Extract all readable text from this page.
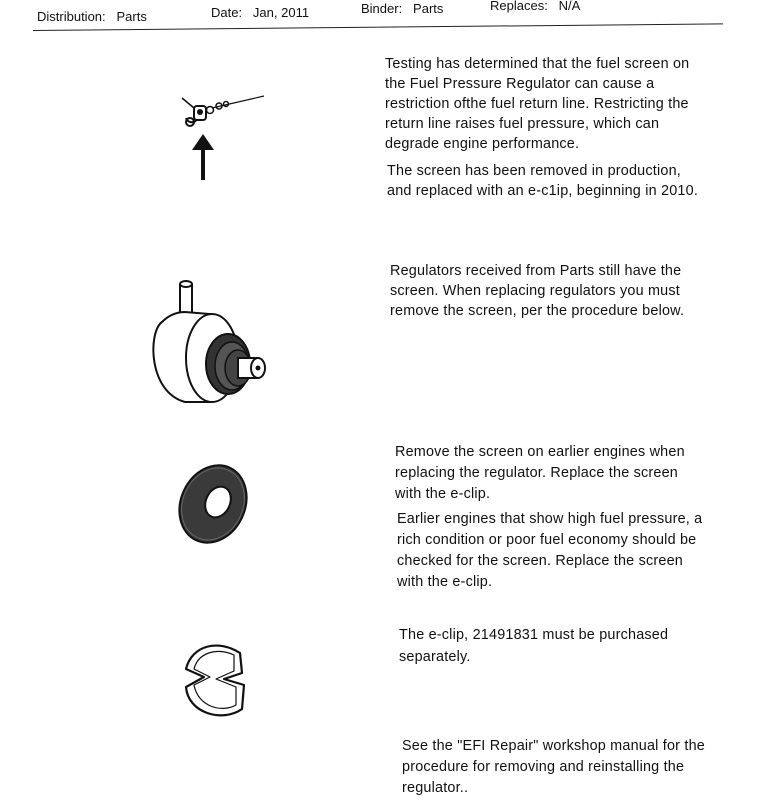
Distribution: Parts	Date: Jan, 2011	Binder: Parts	Replaces: N/A
Testing has determined that the fuel screen on
the Fuel Pressure Regulator can cause a
restriction ofthe fuel return line. Restricting the
return line raises fuel pressure, which can
degrade engine performance.
The screen has been removed in production,
and replaced with an e-c1ip, beginning in 2010.
Regulators received from Parts still have the
screen. When replacing regulators you must
remove the screen, per the procedure below.
Remove the screen on earlier engines when
replacing the regulator. Replace the screen
with the e-clip.
Earlier engines that show high fuel pressure, a
rich condition or poor fuel economy should be
checked for the screen. Replace the screen
with the e-clip.
The e-clip, 21491831 must be purchased
separately.
See the "EFI Repair" workshop manual for the
procedure for removing and reinstalling the
regulator..
